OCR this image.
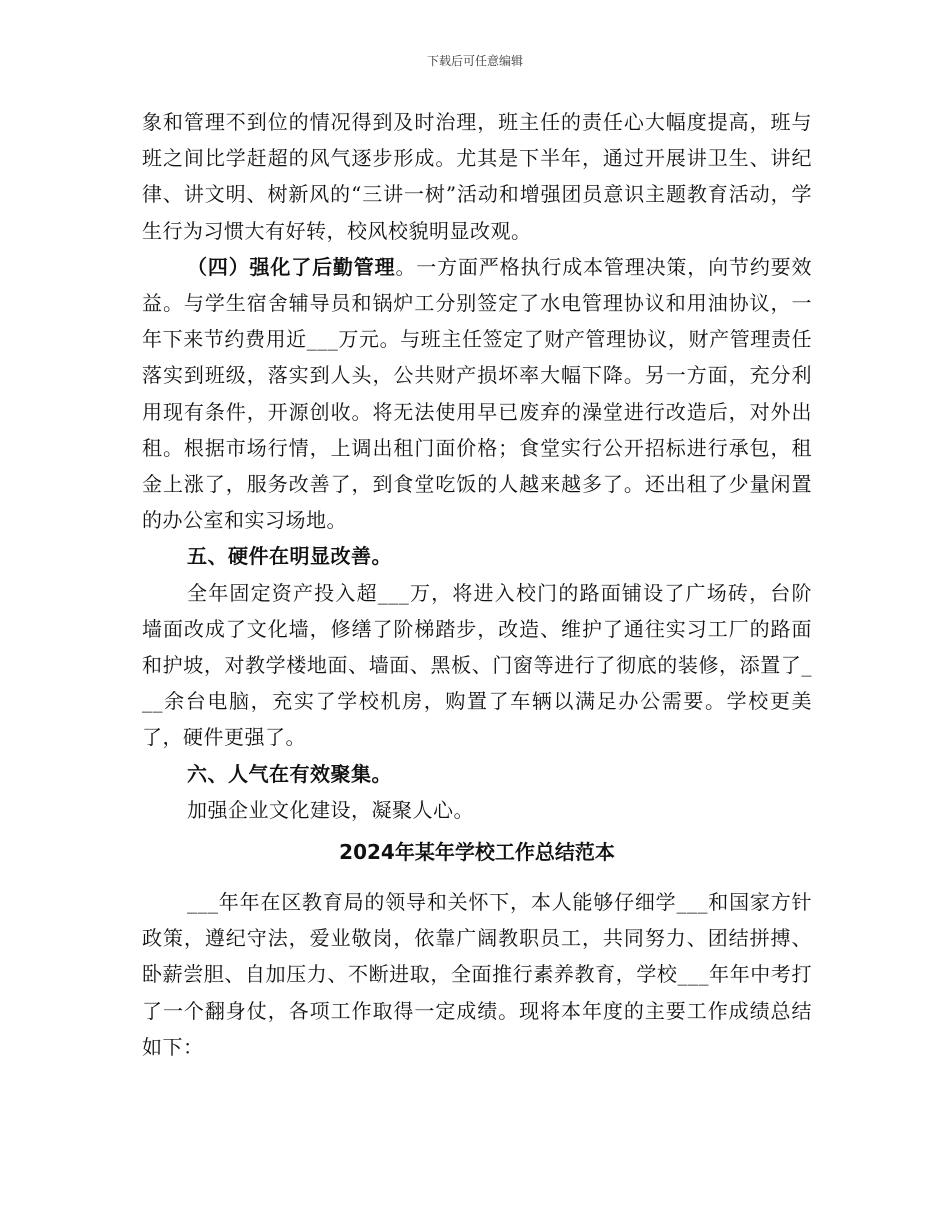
下载后可任意编辑

象和管理不到位的情况得到及时治理，班主任的责任心大幅度提高，班与班之间比学赶超的风气逐步形成。尤其是下半年，通过开展讲卫生、讲纪律、讲文明、树新风的“三讲一树”活动和增强团员意识主题教育活动，学生行为习惯大有好转，校风校貌明显改观。

（四）强化了后勤管理。一方面严格执行成本管理决策，向节约要效益。与学生宿舍辅导员和锅炉工分别签定了水电管理协议和用油协议，一年下来节约费用近___万元。与班主任签定了财产管理协议，财产管理责任落实到班级，落实到人头，公共财产损坏率大幅下降。另一方面，充分利用现有条件，开源创收。将无法使用早已废弃的澡堂进行改造后，对外出租。根据市场行情，上调出租门面价格；食堂实行公开招标进行承包，租金上涨了，服务改善了，到食堂吃饭的人越来越多了。还出租了少量闲置的办公室和实习场地。

五、硬件在明显改善。

全年固定资产投入超___万，将进入校门的路面铺设了广场砖，台阶墙面改成了文化墙，修缮了阶梯踏步，改造、维护了通往实习工厂的路面和护坡，对教学楼地面、墙面、黑板、门窗等进行了彻底的装修，添置了___余台电脑，充实了学校机房，购置了车辆以满足办公需要。学校更美了，硬件更强了。

六、人气在有效聚集。

加强企业文化建设，凝聚人心。

2024年某年学校工作总结范本

___年年在区教育局的领导和关怀下，本人能够仔细学___和国家方针政策，遵纪守法，爱业敬岗，依靠广阔教职员工，共同努力、团结拼搏、卧薪尝胆、自加压力、不断进取，全面推行素养教育，学校___年年中考打了一个翻身仗，各项工作取得一定成绩。现将本年度的主要工作成绩总结如下：
